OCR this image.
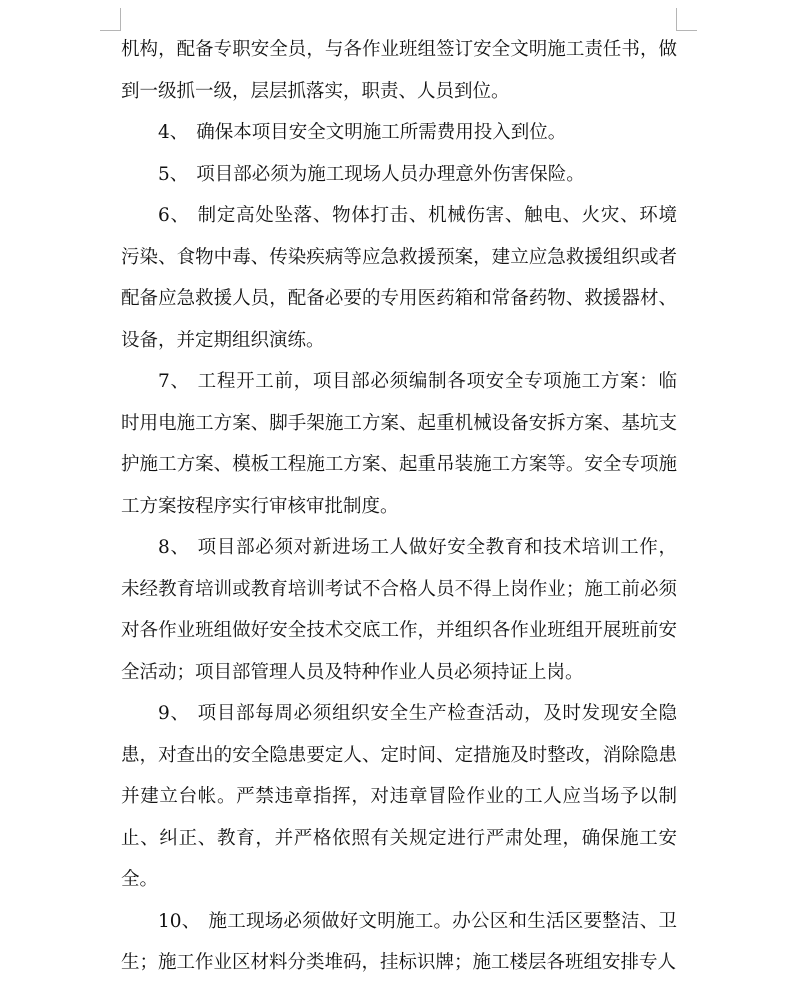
机构，配备专职安全员，与各作业班组签订安全文明施工责任书，做到一级抓一级，层层抓落实，职责、人员到位。

4、 确保本项目安全文明施工所需费用投入到位。

5、 项目部必须为施工现场人员办理意外伤害保险。

6、 制定高处坠落、物体打击、机械伤害、触电、火灾、环境污染、食物中毒、传染疾病等应急救援预案，建立应急救援组织或者配备应急救援人员，配备必要的专用医药箱和常备药物、救援器材、设备，并定期组织演练。

7、 工程开工前，项目部必须编制各项安全专项施工方案：临时用电施工方案、脚手架施工方案、起重机械设备安拆方案、基坑支护施工方案、模板工程施工方案、起重吊装施工方案等。安全专项施工方案按程序实行审核审批制度。

8、 项目部必须对新进场工人做好安全教育和技术培训工作，未经教育培训或教育培训考试不合格人员不得上岗作业；施工前必须对各作业班组做好安全技术交底工作，并组织各作业班组开展班前安全活动；项目部管理人员及特种作业人员必须持证上岗。

9、 项目部每周必须组织安全生产检查活动，及时发现安全隐患，对查出的安全隐患要定人、定时间、定措施及时整改，消除隐患并建立台帐。严禁违章指挥，对违章冒险作业的工人应当场予以制止、纠正、教育，并严格依照有关规定进行严肃处理，确保施工安全。

10、 施工现场必须做好文明施工。办公区和生活区要整洁、卫生；施工作业区材料分类堆码，挂标识牌；施工楼层各班组安排专人
